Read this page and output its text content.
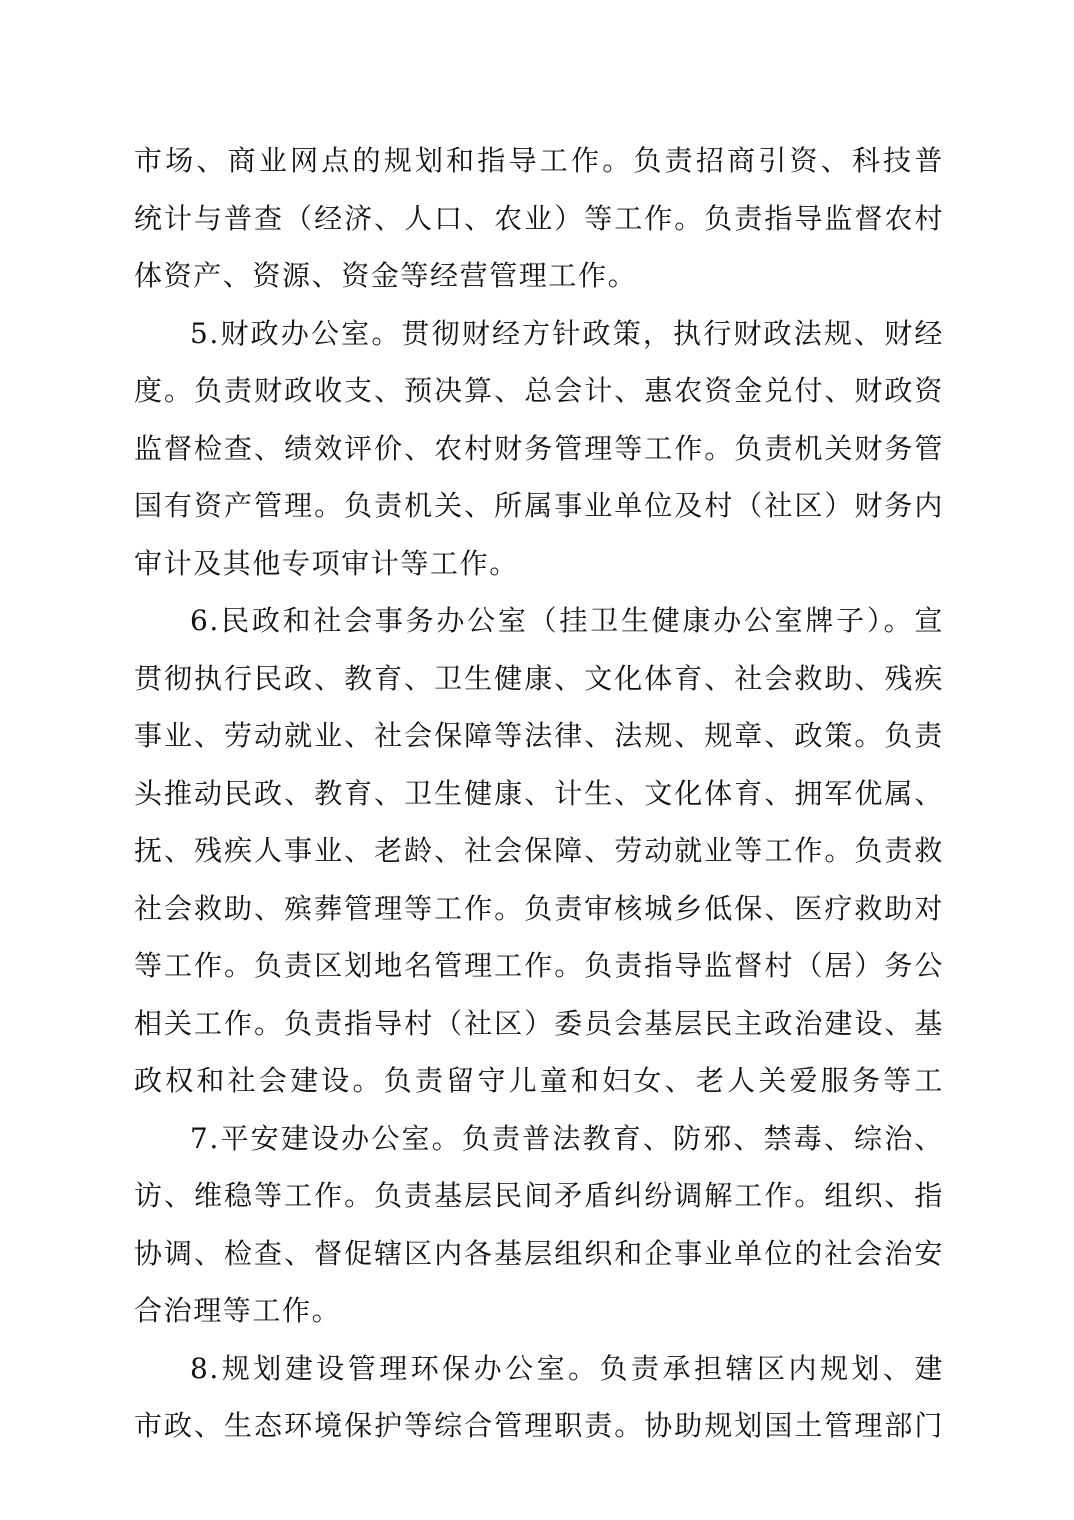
市场、商业网点的规划和指导工作。负责招商引资、科技普
统计与普查（经济、人口、农业）等工作。负责指导监督农村
体资产、资源、资金等经营管理工作。
5.财政办公室。贯彻财经方针政策，执行财政法规、财经
度。负责财政收支、预决算、总会计、惠农资金兑付、财政资
监督检查、绩效评价、农村财务管理等工作。负责机关财务管
国有资产管理。负责机关、所属事业单位及村（社区）财务内
审计及其他专项审计等工作。
6.民政和社会事务办公室（挂卫生健康办公室牌子）。宣
贯彻执行民政、教育、卫生健康、文化体育、社会救助、残疾
事业、劳动就业、社会保障等法律、法规、规章、政策。负责
头推动民政、教育、卫生健康、计生、文化体育、拥军优属、
抚、残疾人事业、老龄、社会保障、劳动就业等工作。负责救
社会救助、殡葬管理等工作。负责审核城乡低保、医疗救助对
等工作。负责区划地名管理工作。负责指导监督村（居）务公
相关工作。负责指导村（社区）委员会基层民主政治建设、基
政权和社会建设。负责留守儿童和妇女、老人关爱服务等工
7.平安建设办公室。负责普法教育、防邪、禁毒、综治、
访、维稳等工作。负责基层民间矛盾纠纷调解工作。组织、指
协调、检查、督促辖区内各基层组织和企事业单位的社会治安
合治理等工作。
8.规划建设管理环保办公室。负责承担辖区内规划、建
市政、生态环境保护等综合管理职责。协助规划国土管理部门
